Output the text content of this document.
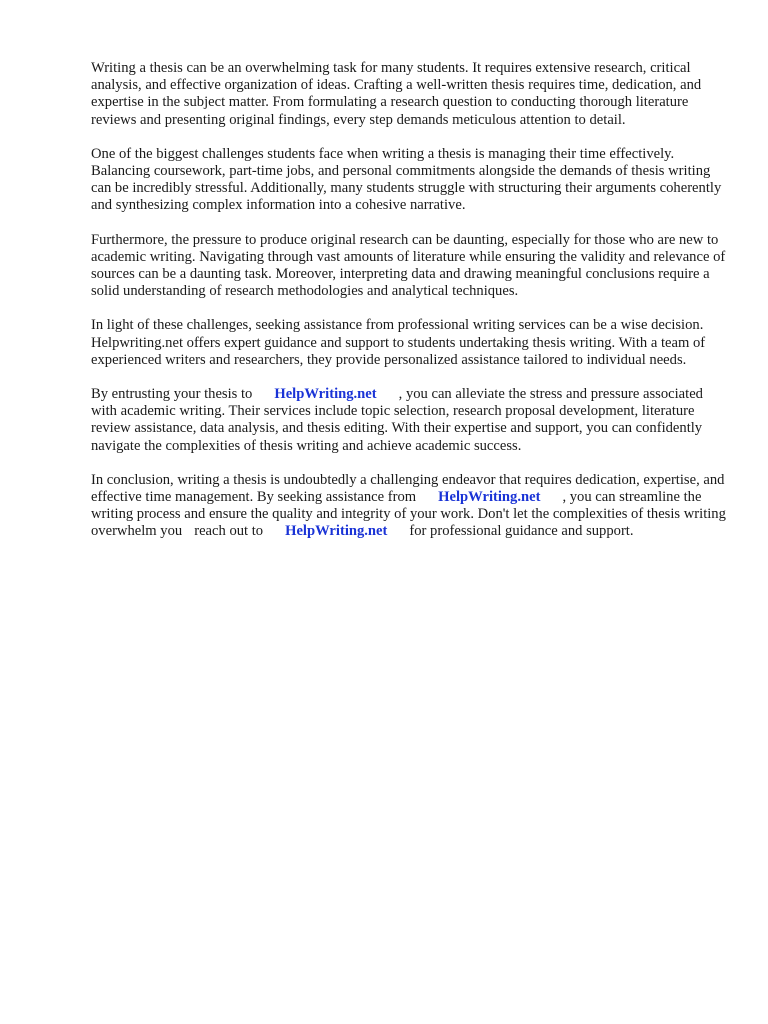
Writing a thesis can be an overwhelming task for many students. It requires extensive research, critical analysis, and effective organization of ideas. Crafting a well-written thesis requires time, dedication, and expertise in the subject matter. From formulating a research question to conducting thorough literature reviews and presenting original findings, every step demands meticulous attention to detail.

One of the biggest challenges students face when writing a thesis is managing their time effectively. Balancing coursework, part-time jobs, and personal commitments alongside the demands of thesis writing can be incredibly stressful. Additionally, many students struggle with structuring their arguments coherently and synthesizing complex information into a cohesive narrative.

Furthermore, the pressure to produce original research can be daunting, especially for those who are new to academic writing. Navigating through vast amounts of literature while ensuring the validity and relevance of sources can be a daunting task. Moreover, interpreting data and drawing meaningful conclusions require a solid understanding of research methodologies and analytical techniques.

In light of these challenges, seeking assistance from professional writing services can be a wise decision. Helpwriting.net offers expert guidance and support to students undertaking thesis writing. With a team of experienced writers and researchers, they provide personalized assistance tailored to individual needs.

By entrusting your thesis to HelpWriting.net , you can alleviate the stress and pressure associated with academic writing. Their services include topic selection, research proposal development, literature review assistance, data analysis, and thesis editing. With their expertise and support, you can confidently navigate the complexities of thesis writing and achieve academic success.

In conclusion, writing a thesis is undoubtedly a challenging endeavor that requires dedication, expertise, and effective time management. By seeking assistance from HelpWriting.net , you can streamline the writing process and ensure the quality and integrity of your work. Don't let the complexities of thesis writing overwhelm you reach out to HelpWriting.net for professional guidance and support.
